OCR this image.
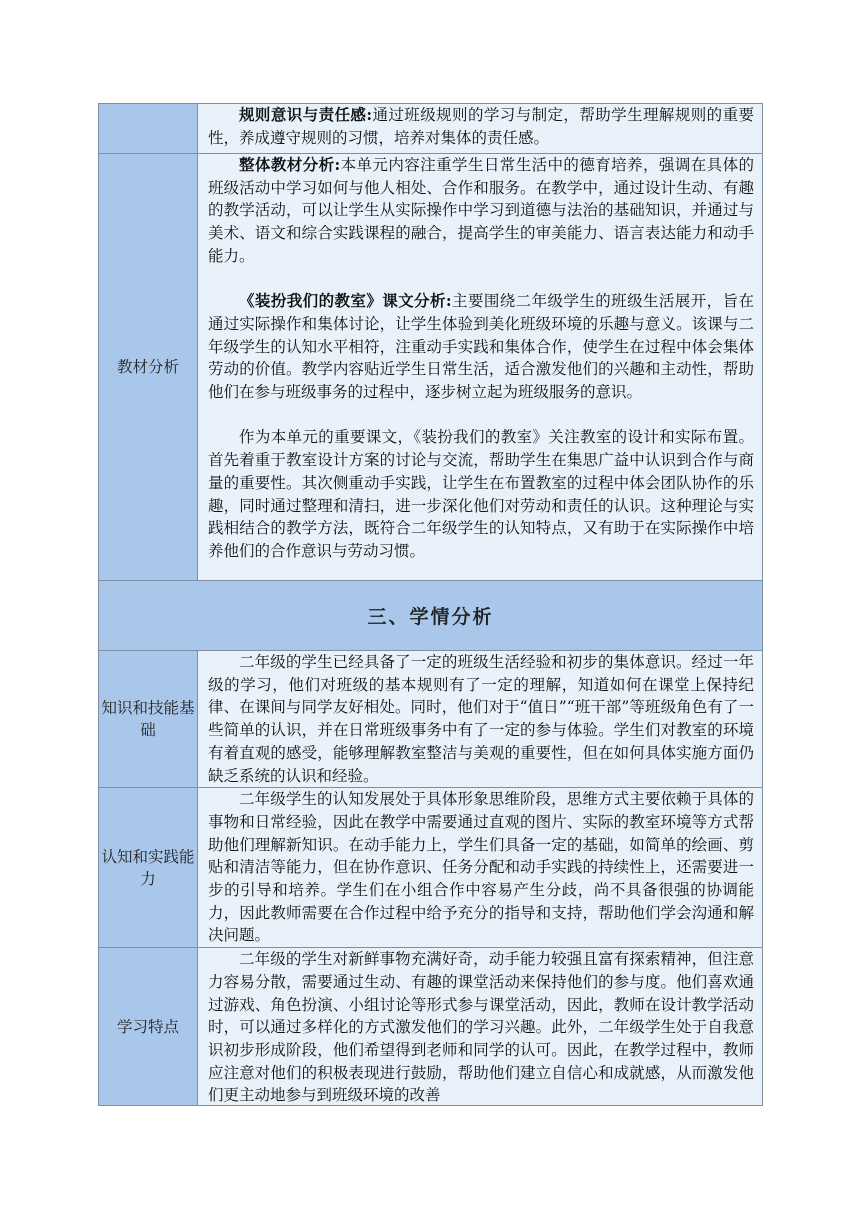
	规则意识与责任感:通过班级规则的学习与制定，帮助学生理解规则的重要性，养成遵守规则的习惯，培养对集体的责任感。

教材分析	整体教材分析:本单元内容注重学生日常生活中的德育培养，强调在具体的班级活动中学习如何与他人相处、合作和服务。在教学中，通过设计生动、有趣的教学活动，可以让学生从实际操作中学习到道德与法治的基础知识，并通过与美术、语文和综合实践课程的融合，提高学生的审美能力、语言表达能力和动手能力。

《装扮我们的教室》课文分析:主要围绕二年级学生的班级生活展开，旨在通过实际操作和集体讨论，让学生体验到美化班级环境的乐趣与意义。该课与二年级学生的认知水平相符，注重动手实践和集体合作，使学生在过程中体会集体劳动的价值。教学内容贴近学生日常生活，适合激发他们的兴趣和主动性，帮助他们在参与班级事务的过程中，逐步树立起为班级服务的意识。

作为本单元的重要课文，《装扮我们的教室》关注教室的设计和实际布置。首先着重于教室设计方案的讨论与交流，帮助学生在集思广益中认识到合作与商量的重要性。其次侧重动手实践，让学生在布置教室的过程中体会团队协作的乐趣，同时通过整理和清扫，进一步深化他们对劳动和责任的认识。这种理论与实践相结合的教学方法，既符合二年级学生的认知特点，又有助于在实际操作中培养他们的合作意识与劳动习惯。

三、学情分析	
知识和技能基础	二年级的学生已经具备了一定的班级生活经验和初步的集体意识。经过一年级的学习，他们对班级的基本规则有了一定的理解，知道如何在课堂上保持纪律、在课间与同学友好相处。同时，他们对于“值日”“班干部”等班级角色有了一些简单的认识，并在日常班级事务中有了一定的参与体验。学生们对教室的环境有着直观的感受，能够理解教室整洁与美观的重要性，但在如何具体实施方面仍缺乏系统的认识和经验。

认知和实践能力	二年级学生的认知发展处于具体形象思维阶段，思维方式主要依赖于具体的事物和日常经验，因此在教学中需要通过直观的图片、实际的教室环境等方式帮助他们理解新知识。在动手能力上，学生们具备一定的基础，如简单的绘画、剪贴和清洁等能力，但在协作意识、任务分配和动手实践的持续性上，还需要进一步的引导和培养。学生们在小组合作中容易产生分歧，尚不具备很强的协调能力，因此教师需要在合作过程中给予充分的指导和支持，帮助他们学会沟通和解决问题。

学习特点	二年级的学生对新鲜事物充满好奇，动手能力较强且富有探索精神，但注意力容易分散，需要通过生动、有趣的课堂活动来保持他们的参与度。他们喜欢通过游戏、角色扮演、小组讨论等形式参与课堂活动，因此，教师在设计教学活动时，可以通过多样化的方式激发他们的学习兴趣。此外，二年级学生处于自我意识初步形成阶段，他们希望得到老师和同学的认可。因此，在教学过程中，教师应注意对他们的积极表现进行鼓励，帮助他们建立自信心和成就感，从而激发他们更主动地参与到班级环境的改善
